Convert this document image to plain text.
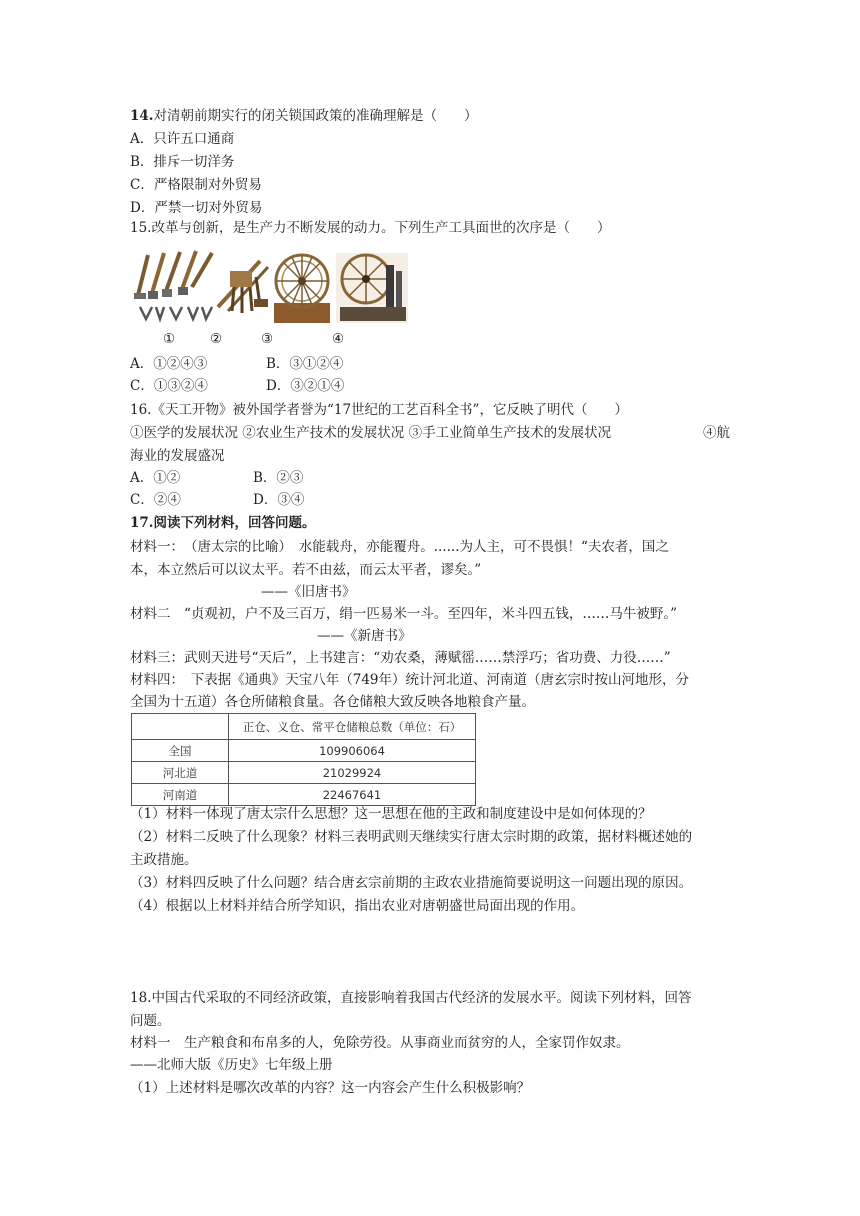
14.对清朝前期实行的闭关锁国政策的准确理解是（　　）
A．只许五口通商
B．排斥一切洋务
C．严格限制对外贸易
D．严禁一切对外贸易
15.改革与创新，是生产力不断发展的动力。下列生产工具面世的次序是（　　）
①	②	③	④
A．①②④③	B．③①②④
C．①③②④	D．③②①④
16.《天工开物》被外国学者誉为“17世纪的工艺百科全书”，它反映了明代（　　）
①医学的发展状况 ②农业生产技术的发展状况 ③手工业简单生产技术的发展状况	④航
海业的发展盛况
A．①②	B．②③
C．②④	D．③④
17.阅读下列材料，回答问题。
材料一：　（唐太宗的比喻）　水能载舟，亦能覆舟。......为人主，可不畏惧！“夫农者，国之
本，本立然后可以议太平。若不由兹，而云太平者，谬矣。”
——《旧唐书》
材料二　“贞观初，户不及三百万，绢一匹易米一斗。至四年，米斗四五钱，……马牛被野。”
——《新唐书》
材料三：武则天进号“天后”，上书建言：“劝农桑，薄赋徭……禁浮巧；省功费、力役……”
材料四：　下表据《通典》天宝八年（749年）统计河北道、河南道（唐玄宗时按山河地形，分
全国为十五道）各仓所储粮食量。各仓储粮大致反映各地粮食产量。
	正仓、义仓、常平仓储粮总数（单位：石）
全国	109906064
河北道	21029924
河南道	22467641
（1）材料一体现了唐太宗什么思想？这一思想在他的主政和制度建设中是如何体现的？
（2）材料二反映了什么现象？材料三表明武则天继续实行唐太宗时期的政策，据材料概述她的
主政措施。
（3）材料四反映了什么问题？结合唐玄宗前期的主政农业措施简要说明这一问题出现的原因。
（4）根据以上材料并结合所学知识，指出农业对唐朝盛世局面出现的作用。
18.中国古代采取的不同经济政策，直接影响着我国古代经济的发展水平。阅读下列材料，回答
问题。
材料一　生产粮食和布帛多的人，免除劳役。从事商业而贫穷的人，全家罚作奴隶。
——北师大版《历史》七年级上册
（1）上述材料是哪次改革的内容？这一内容会产生什么积极影响？
